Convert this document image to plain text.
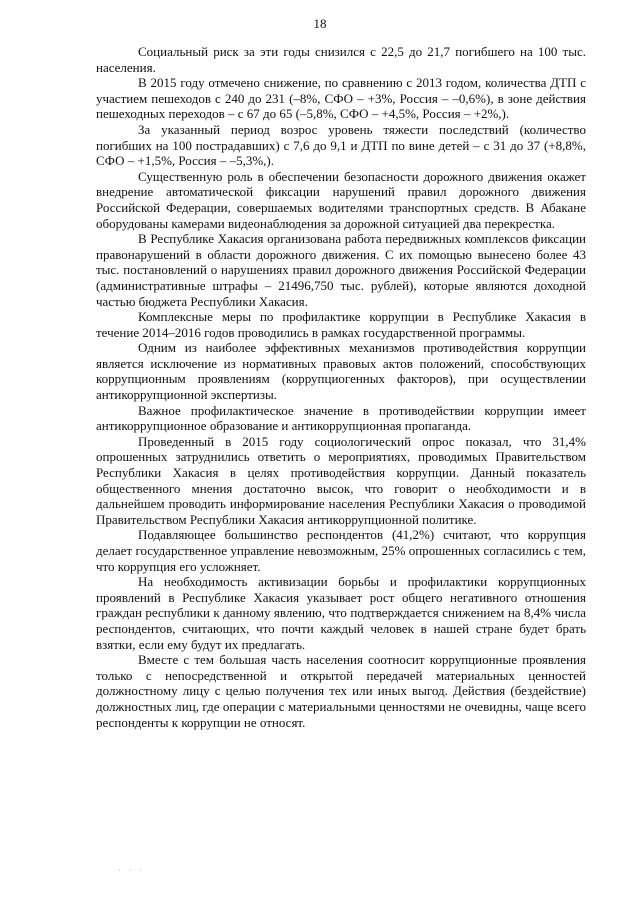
18

Социальный риск за эти годы снизился с 22,5 до 21,7 погибшего на 100 тыс. населения.

В 2015 году отмечено снижение, по сравнению с 2013 годом, количества ДТП с участием пешеходов с 240 до 231 (–8%, СФО – +3%, Россия – –0,6%), в зоне действия пешеходных переходов – с 67 до 65 (–5,8%, СФО – +4,5%, Россия – +2%,).

За указанный период возрос уровень тяжести последствий (количество погибших на 100 пострадавших) с 7,6 до 9,1 и ДТП по вине детей – с 31 до 37 (+8,8%, СФО – +1,5%, Россия – –5,3%,).

Существенную роль в обеспечении безопасности дорожного движения окажет внедрение автоматической фиксации нарушений правил дорожного движения Российской Федерации, совершаемых водителями транспортных средств. В Абакане оборудованы камерами видеонаблюдения за дорожной ситуацией два перекрестка.

В Республике Хакасия организована работа передвижных комплексов фиксации правонарушений в области дорожного движения. С их помощью вынесено более 43 тыс. постановлений о нарушениях правил дорожного движения Российской Федерации (административные штрафы – 21496,750 тыс. рублей), которые являются доходной частью бюджета Республики Хакасия.

Комплексные меры по профилактике коррупции в Республике Хакасия в течение 2014–2016 годов проводились в рамках государственной программы.

Одним из наиболее эффективных механизмов противодействия коррупции является исключение из нормативных правовых актов положений, способствующих коррупционным проявлениям (коррупциогенных факторов), при осуществлении антикоррупционной экспертизы.

Важное профилактическое значение в противодействии коррупции имеет антикоррупционное образование и антикоррупционная пропаганда.

Проведенный в 2015 году социологический опрос показал, что 31,4% опрошенных затруднились ответить о мероприятиях, проводимых Правительством Республики Хакасия в целях противодействия коррупции. Данный показатель общественного мнения достаточно высок, что говорит о необходимости и в дальнейшем проводить информирование населения Республики Хакасия о проводимой Правительством Республики Хакасия антикоррупционной политике.

Подавляющее большинство респондентов (41,2%) считают, что коррупция делает государственное управление невозможным, 25% опрошенных согласились с тем, что коррупция его усложняет.

На необходимость активизации борьбы и профилактики коррупционных проявлений в Республике Хакасия указывает рост общего негативного отношения граждан республики к данному явлению, что подтверждается снижением на 8,4% числа респондентов, считающих, что почти каждый человек в нашей стране будет брать взятки, если ему будут их предлагать.

Вместе с тем большая часть населения соотносит коррупционные проявления только с непосредственной и открытой передачей материальных ценностей должностному лицу с целью получения тех или иных выгод. Действия (бездействие) должностных лиц, где операции с материальными ценностями не очевидны, чаще всего респонденты к коррупции не относят.

· · ·
